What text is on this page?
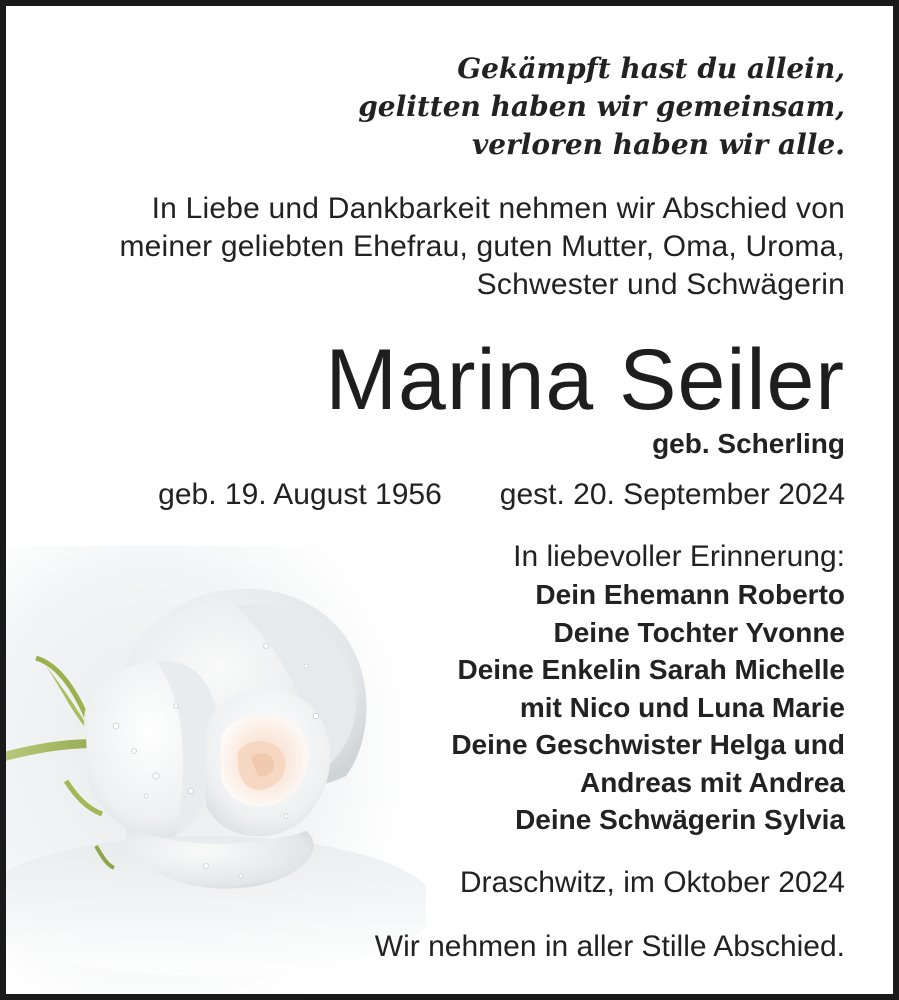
Gekämpft hast du allein,
gelitten haben wir gemeinsam,
verloren haben wir alle.
In Liebe und Dankbarkeit nehmen wir Abschied von
meiner geliebten Ehefrau, guten Mutter, Oma, Uroma,
Schwester und Schwägerin
Marina Seiler
geb. Scherling
geb. 19. August 1956 gest. 20. September 2024
In liebevoller Erinnerung:
Dein Ehemann Roberto
Deine Tochter Yvonne
Deine Enkelin Sarah Michelle
mit Nico und Luna Marie
Deine Geschwister Helga und
Andreas mit Andrea
Deine Schwägerin Sylvia
Draschwitz, im Oktober 2024
Wir nehmen in aller Stille Abschied.
